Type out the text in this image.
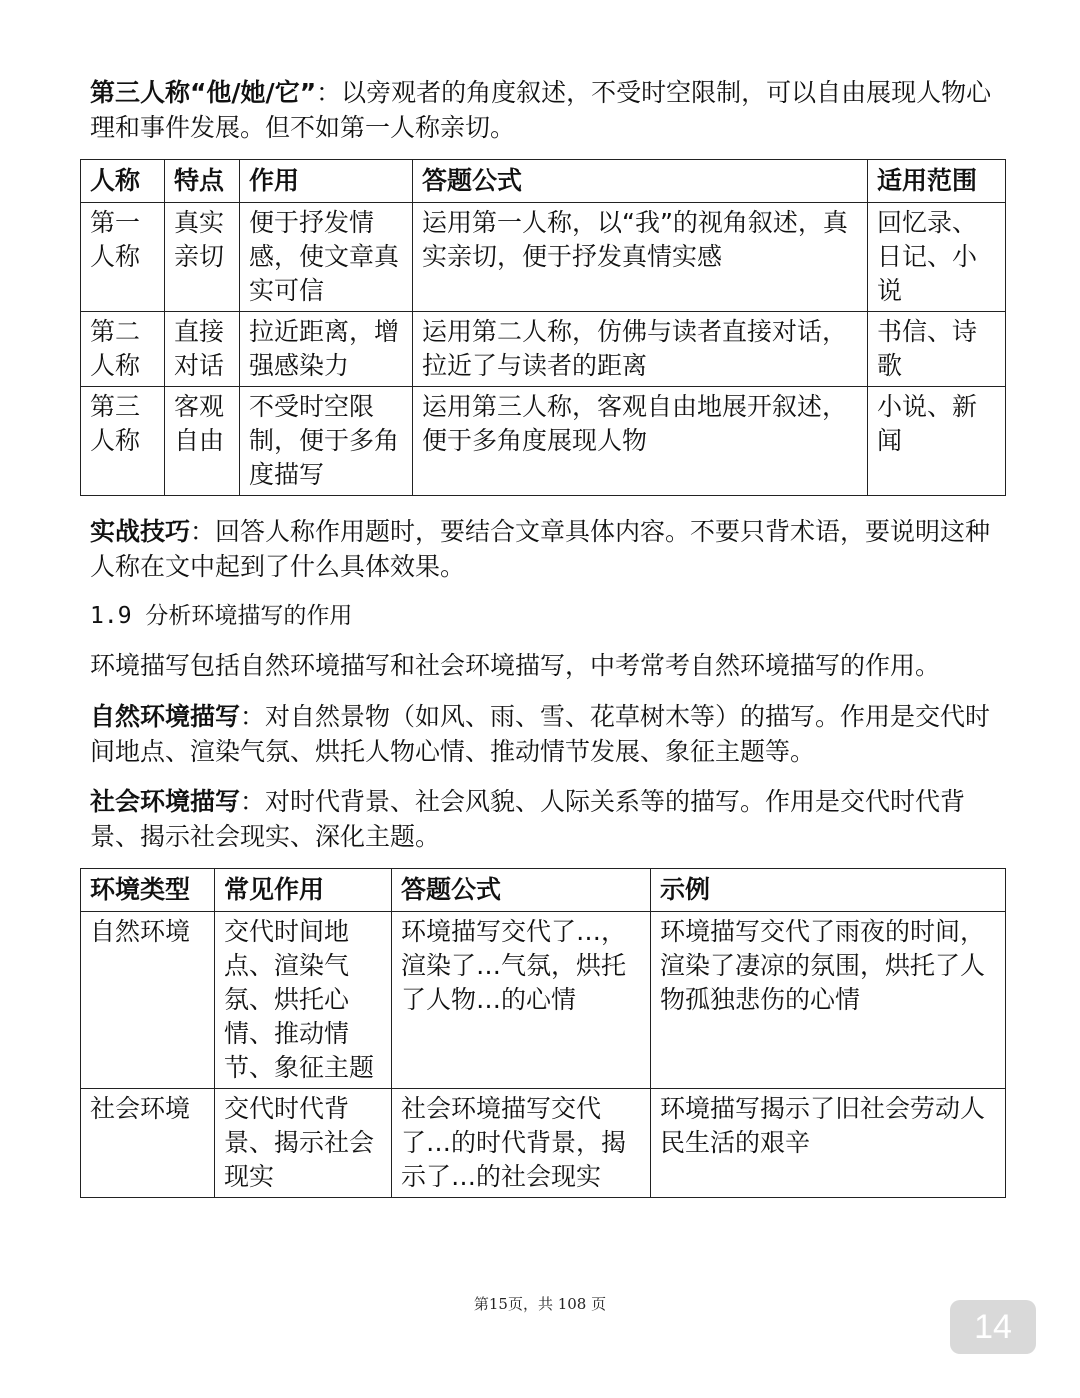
第三人称“他/她/它”：以旁观者的角度叙述，不受时空限制，可以自由展现人物心理和事件发展。但不如第一人称亲切。

人称	特点	作用	答题公式	适用范围
第一人称	真实亲切	便于抒发情感，使文章真实可信	运用第一人称，以“我”的视角叙述，真实亲切，便于抒发真情实感	回忆录、日记、小说
第二人称	直接对话	拉近距离，增强感染力	运用第二人称，仿佛与读者直接对话，拉近了与读者的距离	书信、诗歌
第三人称	客观自由	不受时空限制，便于多角度描写	运用第三人称，客观自由地展开叙述，便于多角度展现人物	小说、新闻

实战技巧：回答人称作用题时，要结合文章具体内容。不要只背术语，要说明这种人称在文中起到了什么具体效果。

1.9 分析环境描写的作用

环境描写包括自然环境描写和社会环境描写，中考常考自然环境描写的作用。

自然环境描写：对自然景物（如风、雨、雪、花草树木等）的描写。作用是交代时间地点、渲染气氛、烘托人物心情、推动情节发展、象征主题等。

社会环境描写：对时代背景、社会风貌、人际关系等的描写。作用是交代时代背景、揭示社会现实、深化主题。

环境类型	常见作用	答题公式	示例
自然环境	交代时间地点、渲染气氛、烘托心情、推动情节、象征主题	环境描写交代了…，渲染了…气氛，烘托了人物…的心情	环境描写交代了雨夜的时间，渲染了凄凉的氛围，烘托了人物孤独悲伤的心情
社会环境	交代时代背景、揭示社会现实	社会环境描写交代了…的时代背景，揭示了…的社会现实	环境描写揭示了旧社会劳动人民生活的艰辛
第15页，共 108 页
14
